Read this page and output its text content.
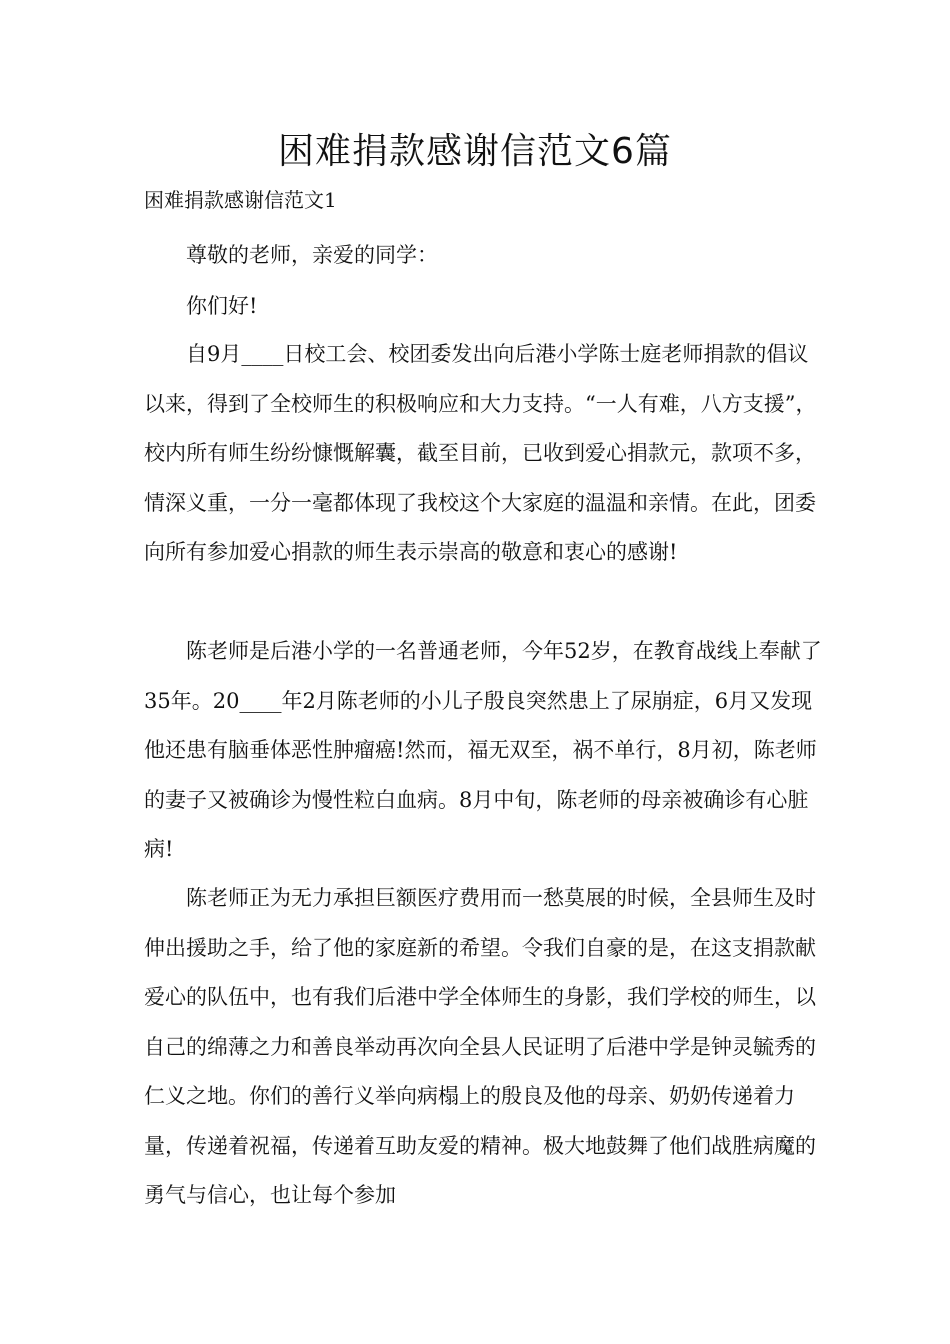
困难捐款感谢信范文6篇

困难捐款感谢信范文1

尊敬的老师，亲爱的同学：

你们好!

自9月____日校工会、校团委发出向后港小学陈士庭老师捐款的倡议以来，得到了全校师生的积极响应和大力支持。“一人有难，八方支援”，校内所有师生纷纷慷慨解囊，截至目前，已收到爱心捐款元，款项不多，情深义重，一分一毫都体现了我校这个大家庭的温温和亲情。在此，团委向所有参加爱心捐款的师生表示崇高的敬意和衷心的感谢!

陈老师是后港小学的一名普通老师，今年52岁，在教育战线上奉献了35年。20____年2月陈老师的小儿子殷良突然患上了尿崩症，6月又发现他还患有脑垂体恶性肿瘤癌!然而，福无双至，祸不单行，8月初，陈老师的妻子又被确诊为慢性粒白血病。8月中旬，陈老师的母亲被确诊有心脏病!

陈老师正为无力承担巨额医疗费用而一愁莫展的时候，全县师生及时伸出援助之手，给了他的家庭新的希望。令我们自豪的是，在这支捐款献爱心的队伍中，也有我们后港中学全体师生的身影，我们学校的师生，以自己的绵薄之力和善良举动再次向全县人民证明了后港中学是钟灵毓秀的仁义之地。你们的善行义举向病榻上的殷良及他的母亲、奶奶传递着力量，传递着祝福，传递着互助友爱的精神。极大地鼓舞了他们战胜病魔的勇气与信心，也让每个参加
